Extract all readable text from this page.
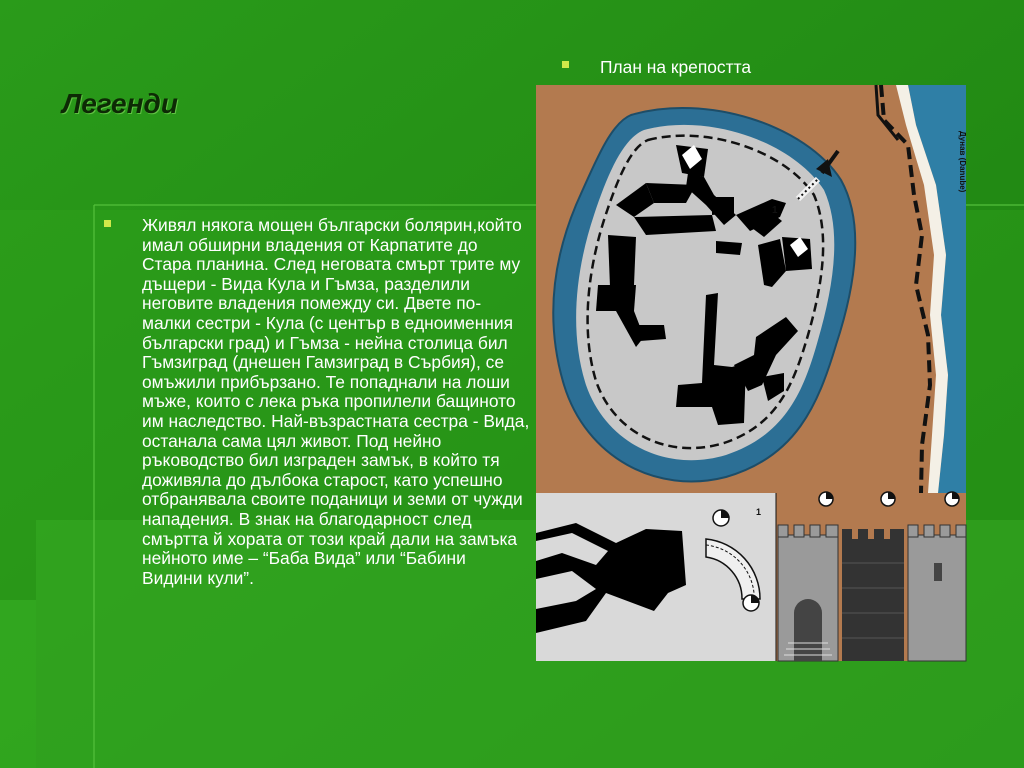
Легенди
План на крепостта
Живял някога мощен български болярин,който имал обширни владения от Карпатите до Стара планина. След неговата смърт трите му дъщери - Вида Кула и Гъмза, разделили неговите владения помежду си. Двете по-малки сестри - Кула (с център в едноименния български град) и Гъмза - нейна столица бил Гъмзиград (днешен Гамзиград в Сърбия), се омъжили прибързано. Те попаднали на лоши мъже, които с лека ръка пропилели бащиното им наследство. Най-възрастната сестра - Вида, останала сама цял живот. Под нейно ръководство бил изграден замък, в който тя доживяла до дълбока старост, като успешно отбранявала своите поданици и земи от чужди нападения. В знак на благодарност след смъртта й хората от този край дали на замъка нейното име – “Баба Вида” или “Бабини Видини кули”.
Дунав (Danube)
1
1
